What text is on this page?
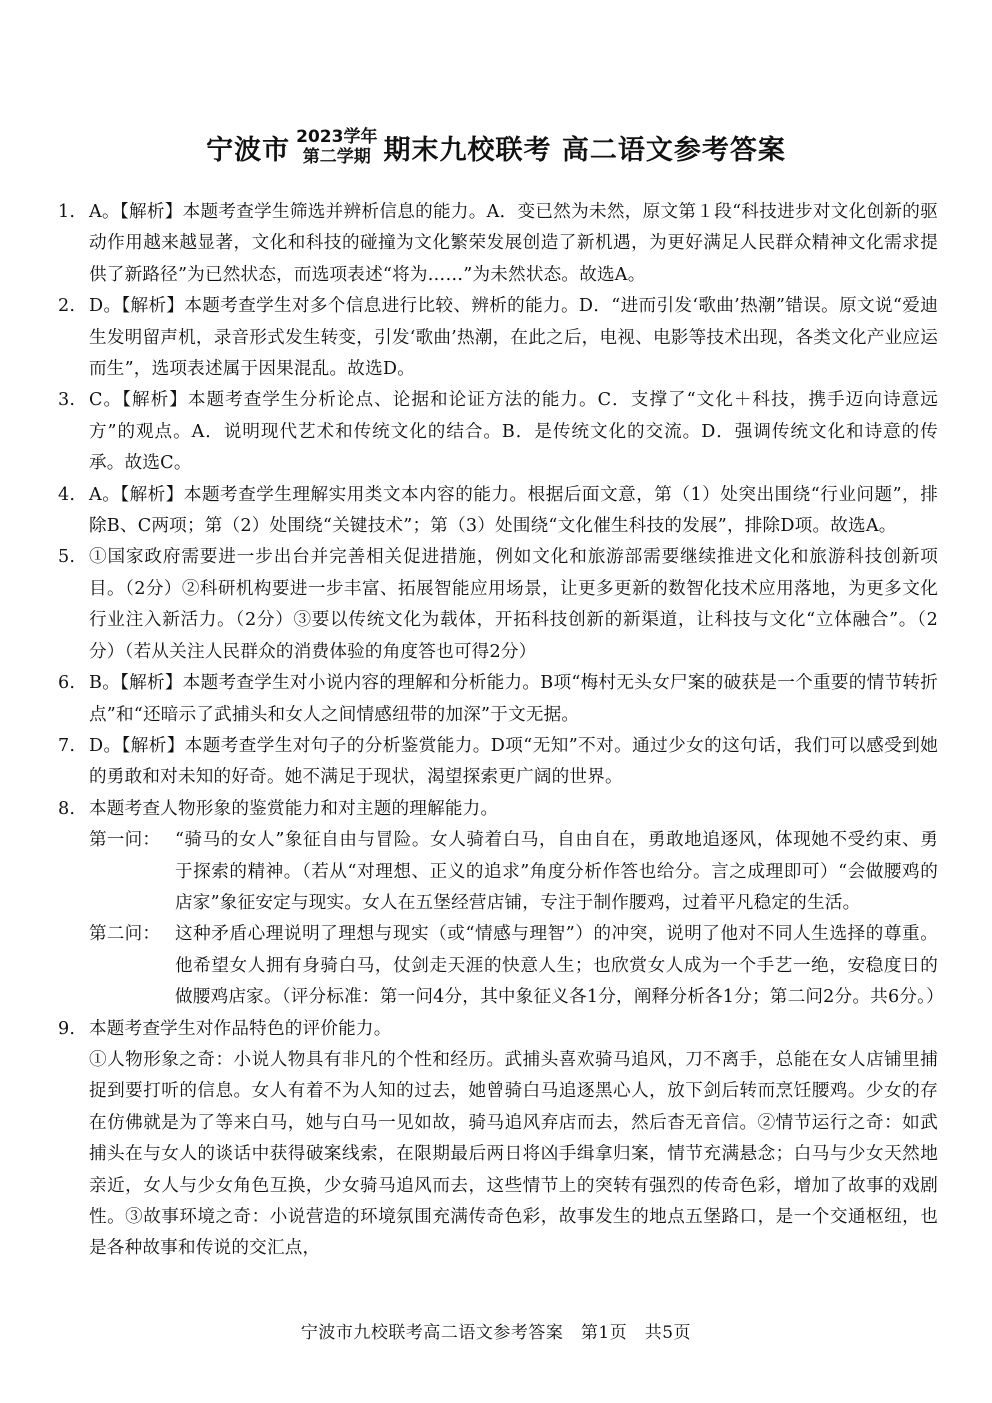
宁波市 2023学年
第二学期 期末九校联考 高二语文参考答案
1. A。【解析】本题考查学生筛选并辨析信息的能力。A．变已然为未然，原文第１段“科技进步对文化创新的驱动作用越来越显著，文化和科技的碰撞为文化繁荣发展创造了新机遇，为更好满足人民群众精神文化需求提供了新路径”为已然状态，而选项表述“将为……”为未然状态。故选A。
2. D。【解析】本题考查学生对多个信息进行比较、辨析的能力。D．“进而引发‘歌曲’热潮”错误。原文说“爱迪生发明留声机，录音形式发生转变，引发‘歌曲’热潮，在此之后，电视、电影等技术出现，各类文化产业应运而生”，选项表述属于因果混乱。故选D。
3. C。【解析】本题考查学生分析论点、论据和论证方法的能力。C．支撑了“文化＋科技，携手迈向诗意远方”的观点。A．说明现代艺术和传统文化的结合。B．是传统文化的交流。D．强调传统文化和诗意的传承。故选C。
4. A。【解析】本题考查学生理解实用类文本内容的能力。根据后面文意，第（1）处突出围绕“行业问题”，排除B、C两项；第（2）处围绕“关键技术”；第（3）处围绕“文化催生科技的发展”，排除D项。故选A。
5. ①国家政府需要进一步出台并完善相关促进措施，例如文化和旅游部需要继续推进文化和旅游科技创新项目。（2分）②科研机构要进一步丰富、拓展智能应用场景，让更多更新的数智化技术应用落地，为更多文化行业注入新活力。（2分）③要以传统文化为载体，开拓科技创新的新渠道，让科技与文化“立体融合”。（2分）（若从关注人民群众的消费体验的角度答也可得2分）
6. B。【解析】本题考查学生对小说内容的理解和分析能力。B项“梅村无头女尸案的破获是一个重要的情节转折点”和“还暗示了武捕头和女人之间情感纽带的加深”于文无据。
7. D。【解析】本题考查学生对句子的分析鉴赏能力。D项“无知”不对。通过少女的这句话，我们可以感受到她的勇敢和对未知的好奇。她不满足于现状，渴望探索更广阔的世界。
8. 本题考查人物形象的鉴赏能力和对主题的理解能力。
第一问： “骑马的女人”象征自由与冒险。女人骑着白马，自由自在，勇敢地追逐风，体现她不受约束、勇于探索的精神。（若从“对理想、正义的追求”角度分析作答也给分。言之成理即可）“会做腰鸡的店家”象征安定与现实。女人在五堡经营店铺，专注于制作腰鸡，过着平凡稳定的生活。
第二问： 这种矛盾心理说明了理想与现实（或“情感与理智”）的冲突，说明了他对不同人生选择的尊重。他希望女人拥有身骑白马，仗剑走天涯的快意人生；也欣赏女人成为一个手艺一绝，安稳度日的做腰鸡店家。（评分标准：第一问4分，其中象征义各1分，阐释分析各1分；第二问2分。共6分。）
9. 本题考查学生对作品特色的评价能力。
①人物形象之奇：小说人物具有非凡的个性和经历。武捕头喜欢骑马追风，刀不离手，总能在女人店铺里捕捉到要打听的信息。女人有着不为人知的过去，她曾骑白马追逐黑心人，放下剑后转而烹饪腰鸡。少女的存在仿佛就是为了等来白马，她与白马一见如故，骑马追风弃店而去，然后杳无音信。②情节运行之奇：如武捕头在与女人的谈话中获得破案线索，在限期最后两日将凶手缉拿归案，情节充满悬念；白马与少女天然地亲近，女人与少女角色互换，少女骑马追风而去，这些情节上的突转有强烈的传奇色彩，增加了故事的戏剧性。③故事环境之奇：小说营造的环境氛围充满传奇色彩，故事发生的地点五堡路口，是一个交通枢纽，也是各种故事和传说的交汇点，
宁波市九校联考高二语文参考答案　第1页　共5页
